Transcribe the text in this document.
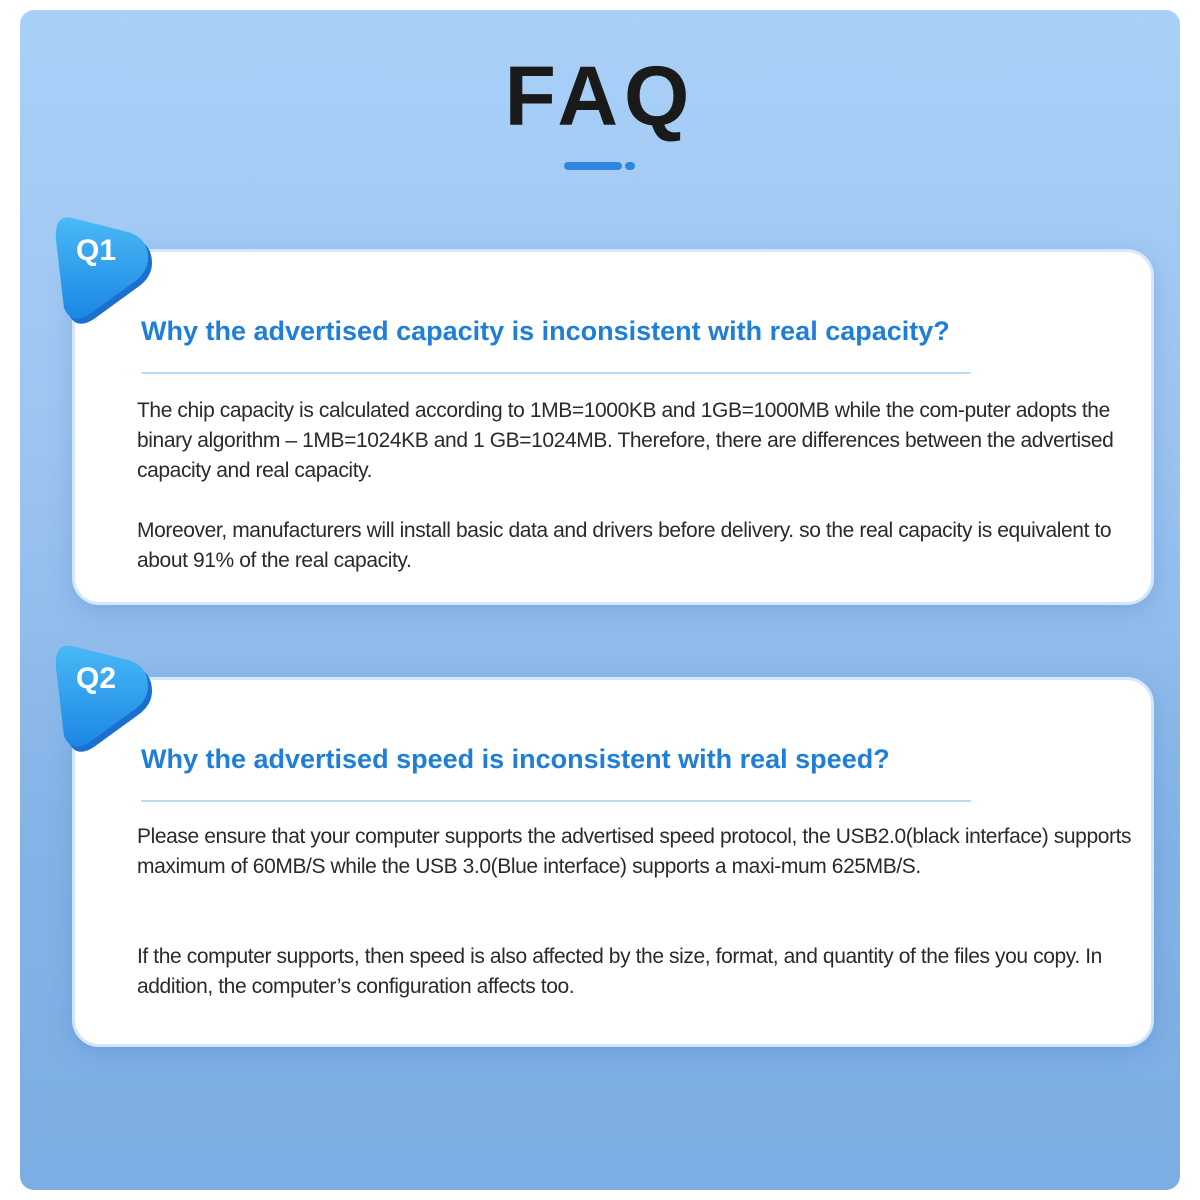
FAQ
Why the advertised capacity is inconsistent with real capacity?
The chip capacity is calculated according to 1MB=1000KB and 1GB=1000MB while the com-puter adopts the binary algorithm – 1MB=1024KB and 1 GB=1024MB. Therefore, there are differences between the advertised capacity and real capacity.
Moreover, manufacturers will install basic data and drivers before delivery. so the real capacity is equivalent to about 91% of the real capacity.
Why the advertised speed is inconsistent with real speed?
Please ensure that your computer supports the advertised speed protocol, the USB2.0(black interface) supports maximum of 60MB/S while the USB 3.0(Blue interface) supports a maxi-mum 625MB/S.
If the computer supports, then speed is also affected by the size, format, and quantity of the files you copy. In addition, the computer’s configuration affects too.
Q1
Q2
